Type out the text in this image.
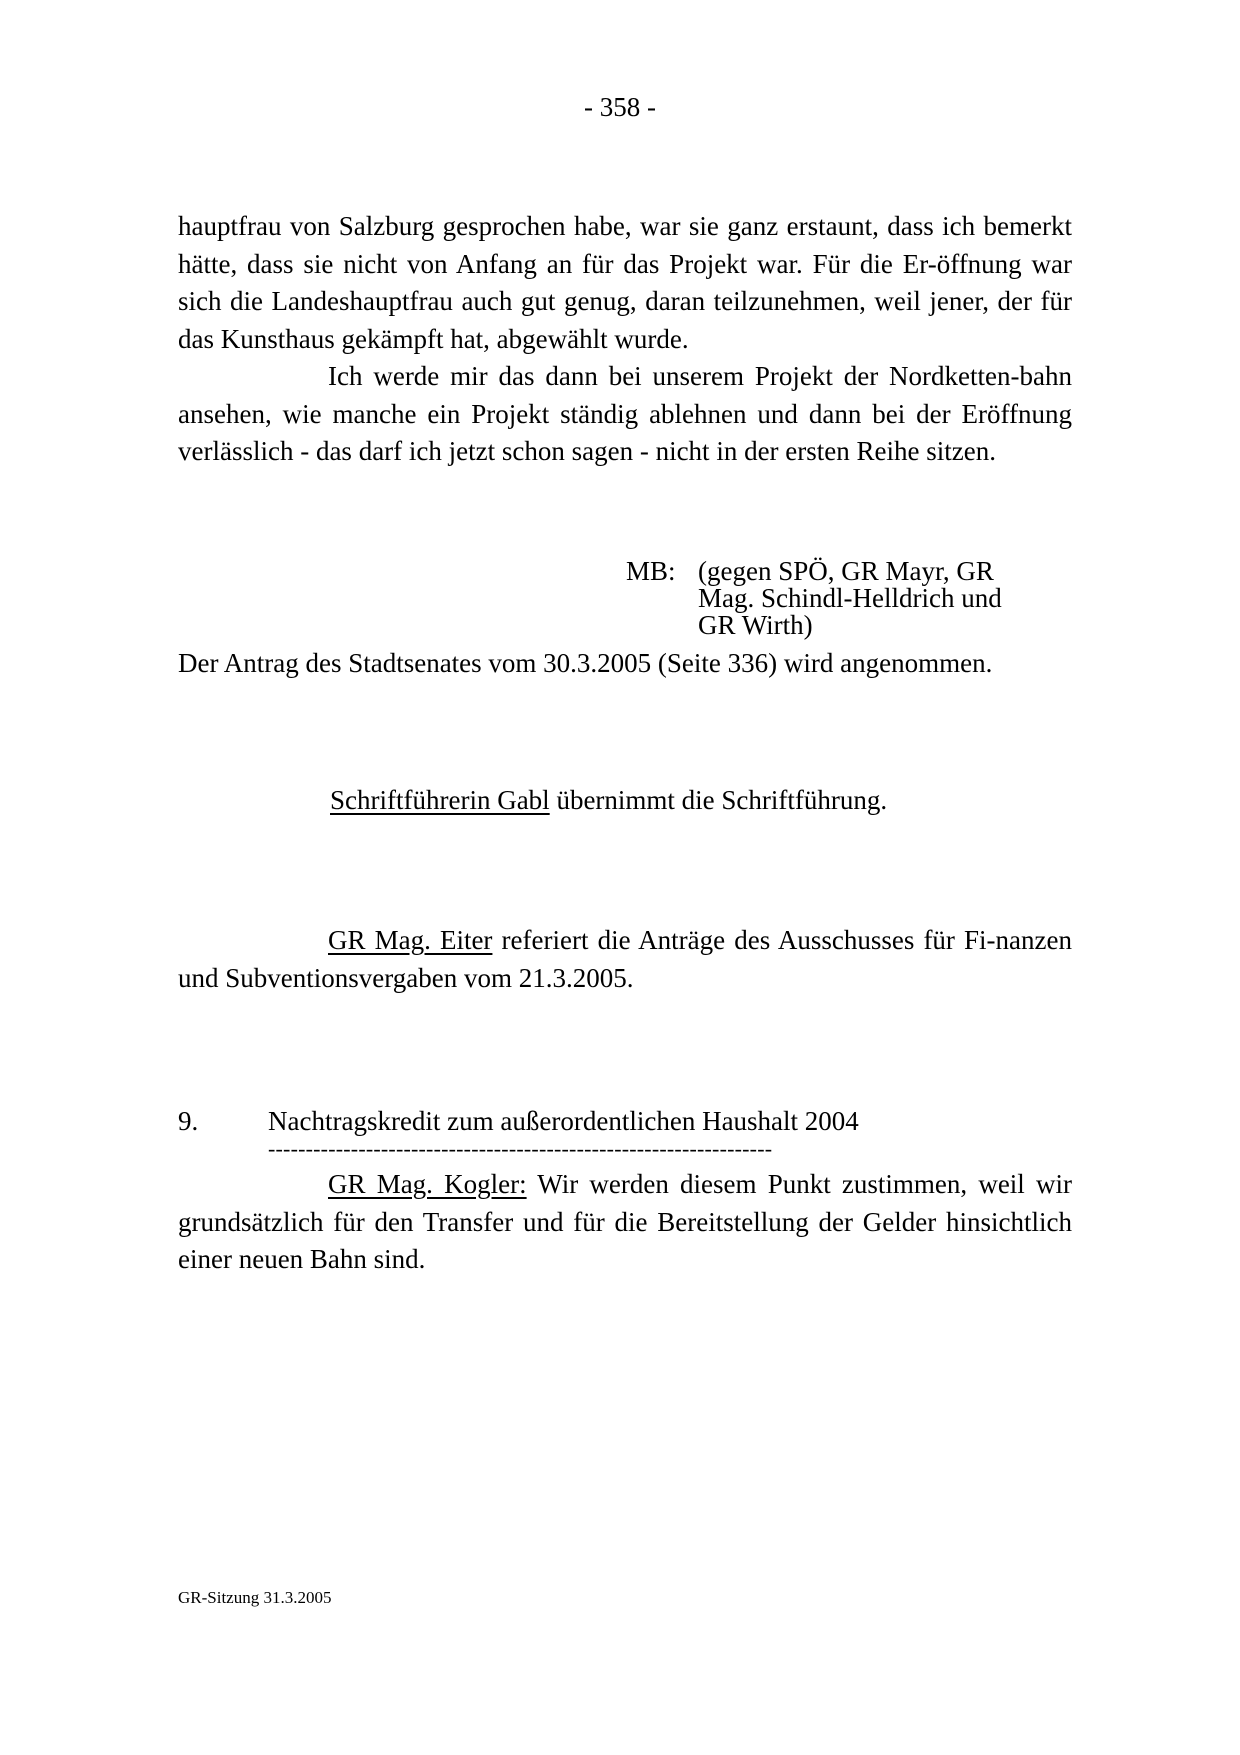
- 358 -

hauptfrau von Salzburg gesprochen habe, war sie ganz erstaunt, dass ich bemerkt hätte, dass sie nicht von Anfang an für das Projekt war. Für die Er-öffnung war sich die Landeshauptfrau auch gut genug, daran teilzunehmen, weil jener, der für das Kunsthaus gekämpft hat, abgewählt wurde.

Ich werde mir das dann bei unserem Projekt der Nordketten-bahn ansehen, wie manche ein Projekt ständig ablehnen und dann bei der Eröffnung verlässlich - das darf ich jetzt schon sagen - nicht in der ersten Reihe sitzen.

MB: (gegen SPÖ, GR Mayr, GR
Mag. Schindl-Helldrich und
GR Wirth)

Der Antrag des Stadtsenates vom 30.3.2005 (Seite 336) wird angenommen.

Schriftführerin Gabl übernimmt die Schriftführung.

GR Mag. Eiter referiert die Anträge des Ausschusses für Fi-nanzen und Subventionsvergaben vom 21.3.2005.

9.	Nachtragskredit zum außerordentlichen Haushalt 2004
-------------------------------------------------------------------

GR Mag. Kogler: Wir werden diesem Punkt zustimmen, weil wir grundsätzlich für den Transfer und für die Bereitstellung der Gelder hinsichtlich einer neuen Bahn sind.

GR-Sitzung 31.3.2005
